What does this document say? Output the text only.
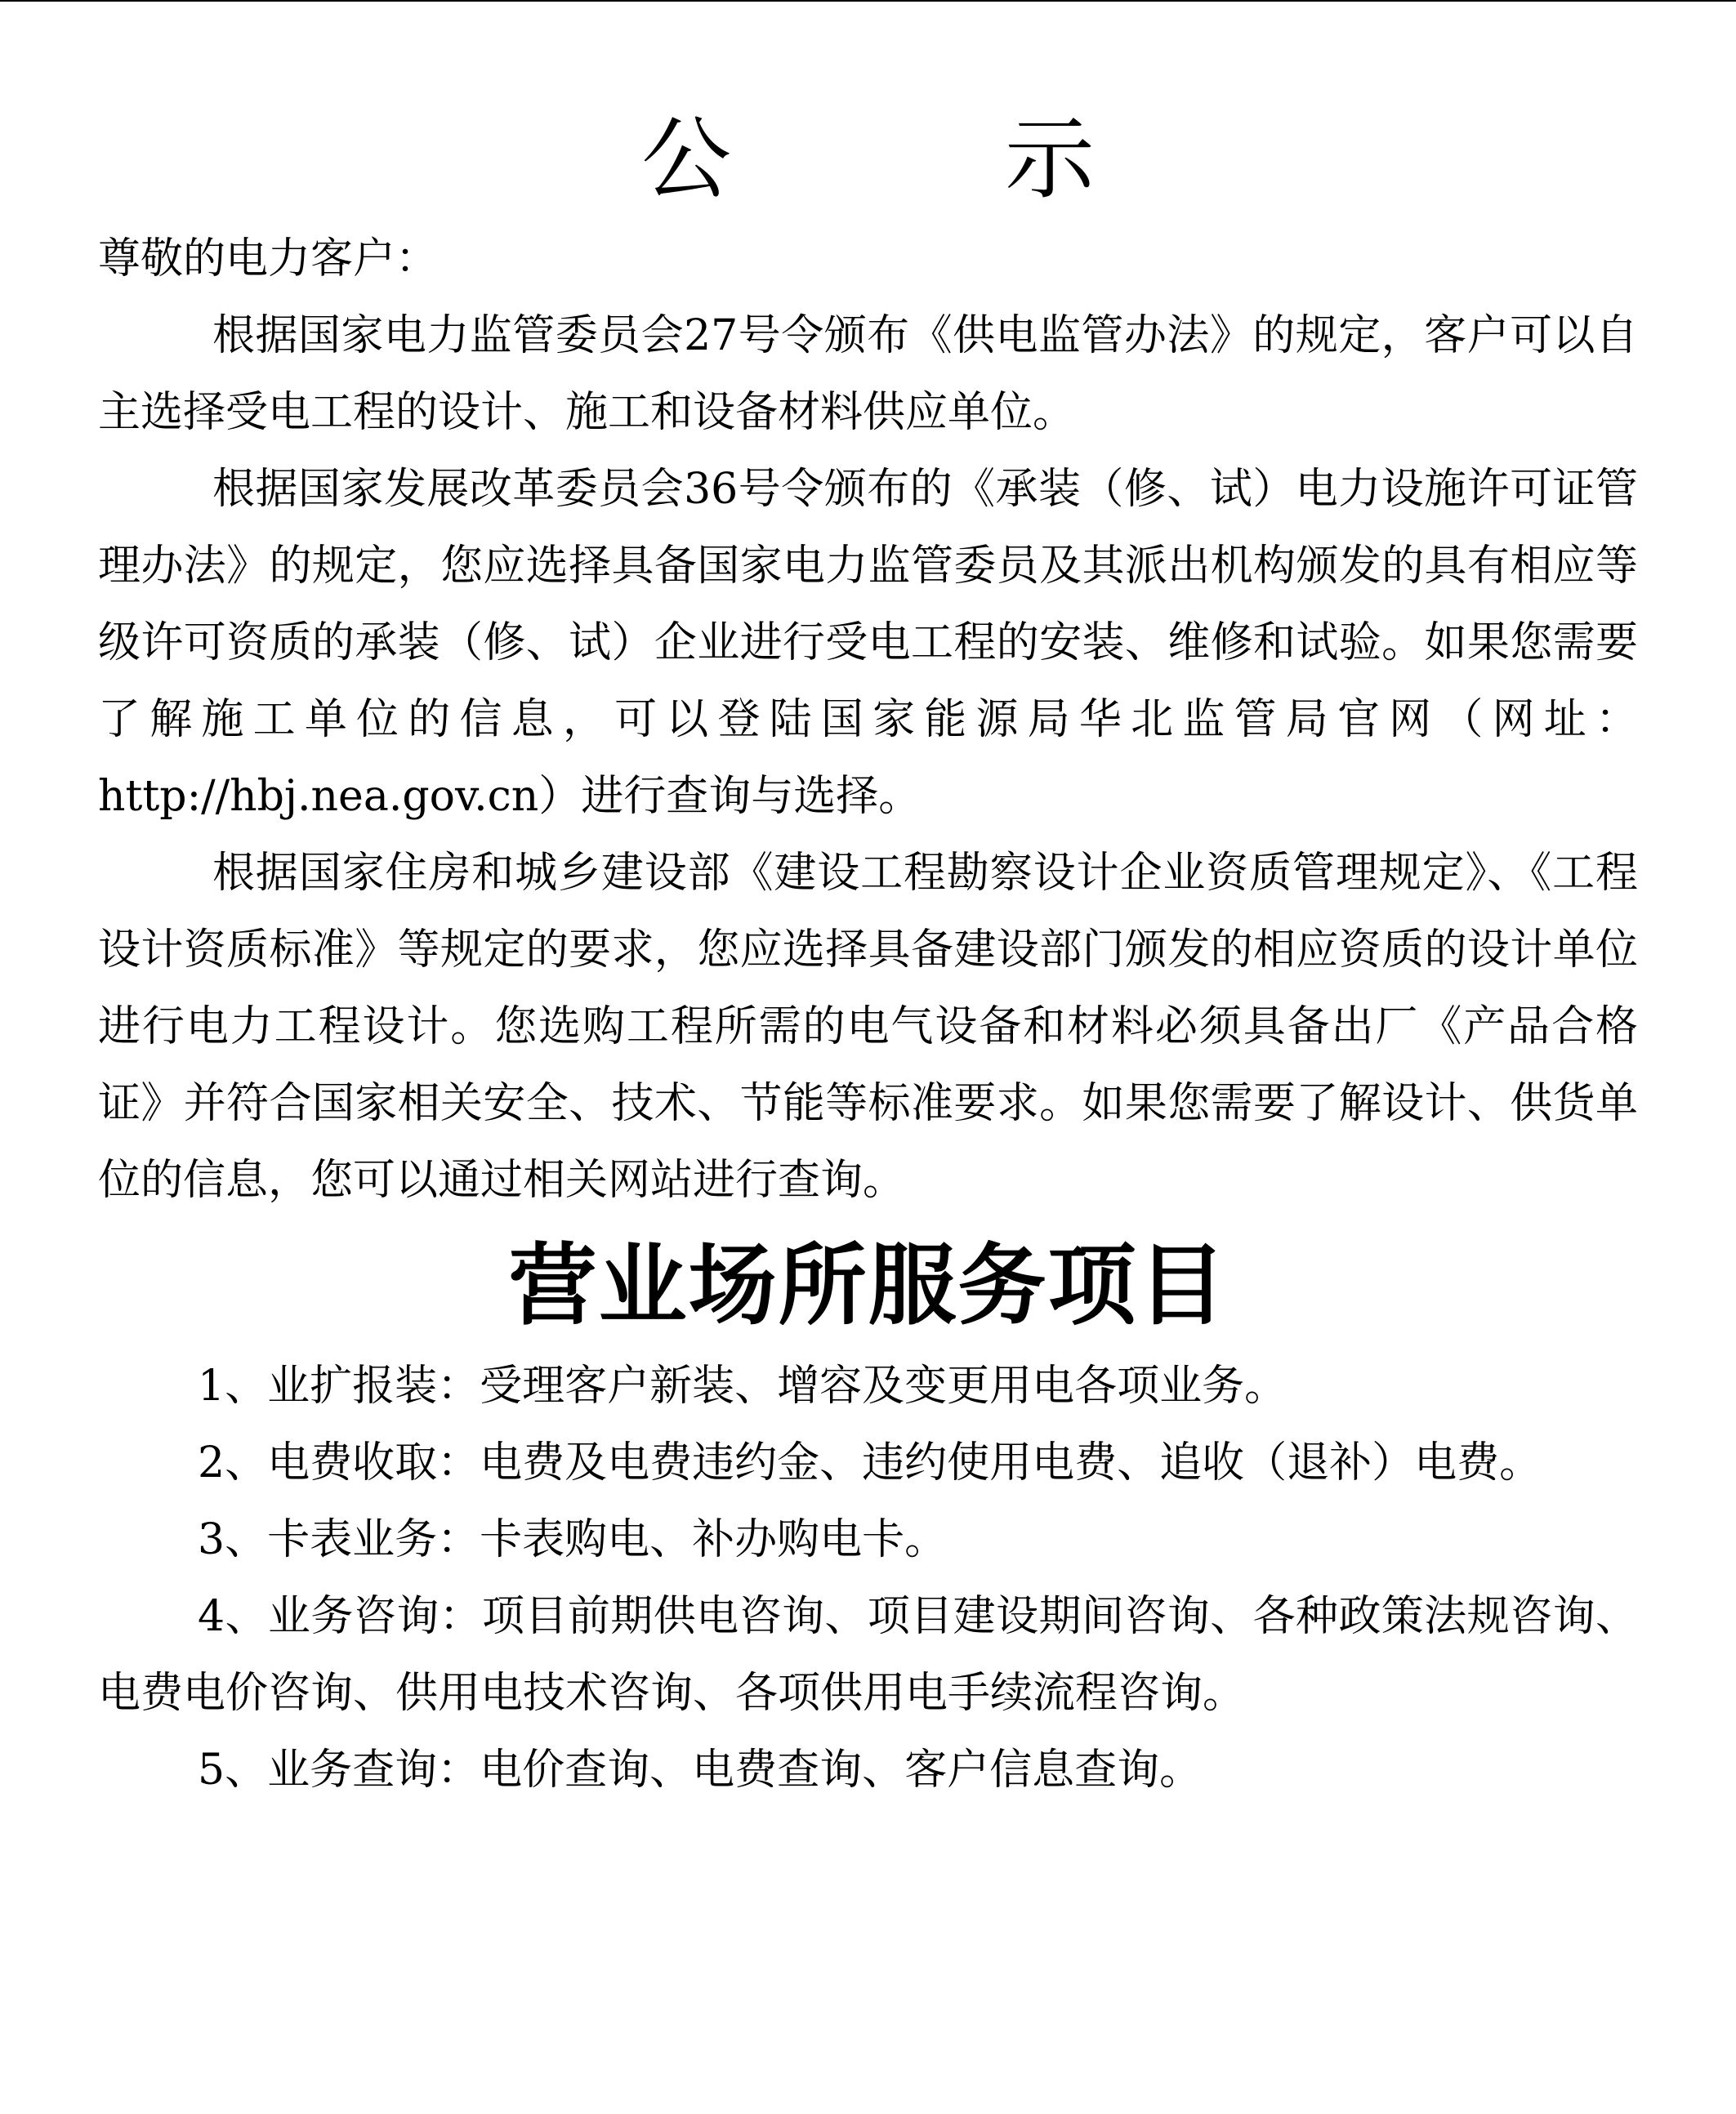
公 示

尊敬的电力客户：

根据国家电力监管委员会27号令颁布《供电监管办法》的规定，客户可以自主选择受电工程的设计、施工和设备材料供应单位。

根据国家发展改革委员会36号令颁布的《承装（修、试）电力设施许可证管理办法》的规定，您应选择具备国家电力监管委员及其派出机构颁发的具有相应等级许可资质的承装（修、试）企业进行受电工程的安装、维修和试验。如果您需要了解施工单位的信息，可以登陆国家能源局华北监管局官网（网址：http://hbj.nea.gov.cn）进行查询与选择。

根据国家住房和城乡建设部《建设工程勘察设计企业资质管理规定》、《工程设计资质标准》等规定的要求，您应选择具备建设部门颁发的相应资质的设计单位进行电力工程设计。您选购工程所需的电气设备和材料必须具备出厂《产品合格证》并符合国家相关安全、技术、节能等标准要求。如果您需要了解设计、供货单位的信息，您可以通过相关网站进行查询。

营业场所服务项目
1、业扩报装：受理客户新装、增容及变更用电各项业务。
2、电费收取：电费及电费违约金、违约使用电费、追收（退补）电费。
3、卡表业务：卡表购电、补办购电卡。
4、业务咨询：项目前期供电咨询、项目建设期间咨询、各种政策法规咨询、电费电价咨询、供用电技术咨询、各项供用电手续流程咨询。
5、业务查询：电价查询、电费查询、客户信息查询。
